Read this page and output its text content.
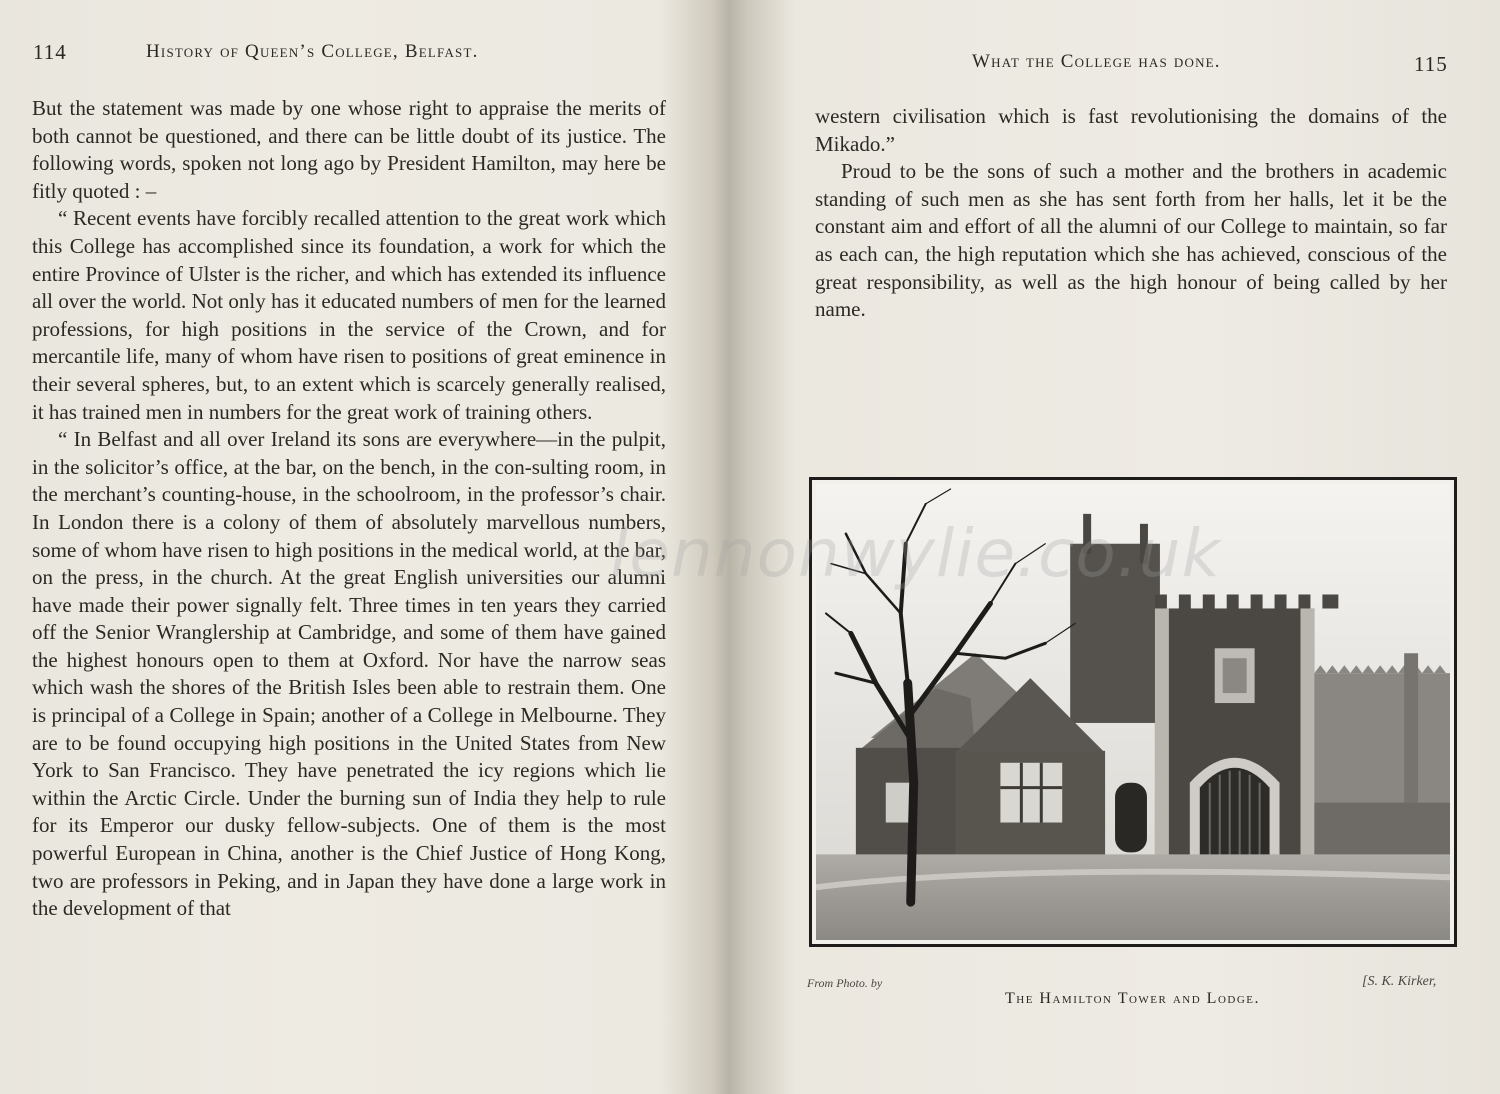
114	History of Queen’s College, Belfast.

But the statement was made by one whose right to appraise the merits of both cannot be questioned, and there can be little doubt of its justice. The following words, spoken not long ago by President Hamilton, may here be fitly quoted : –

“ Recent events have forcibly recalled attention to the great work which this College has accomplished since its foundation, a work for which the entire Province of Ulster is the richer, and which has extended its influence all over the world. Not only has it educated numbers of men for the learned professions, for high positions in the service of the Crown, and for mercantile life, many of whom have risen to positions of great eminence in their several spheres, but, to an extent which is scarcely generally realised, it has trained men in numbers for the great work of training others.

“ In Belfast and all over Ireland its sons are everywhere—in the pulpit, in the solicitor’s office, at the bar, on the bench, in the con-sulting room, in the merchant’s counting-house, in the schoolroom, in the professor’s chair. In London there is a colony of them of absolutely marvellous numbers, some of whom have risen to high positions in the medical world, at the bar, on the press, in the church. At the great English universities our alumni have made their power signally felt. Three times in ten years they carried off the Senior Wranglership at Cambridge, and some of them have gained the highest honours open to them at Oxford. Nor have the narrow seas which wash the shores of the British Isles been able to restrain them. One is principal of a College in Spain; another of a College in Melbourne. They are to be found occupying high positions in the United States from New York to San Francisco. They have penetrated the icy regions which lie within the Arctic Circle. Under the burning sun of India they help to rule for its Emperor our dusky fellow-subjects. One of them is the most powerful European in China, another is the Chief Justice of Hong Kong, two are professors in Peking, and in Japan they have done a large work in the development of that

What the College has done.	115

western civilisation which is fast revolutionising the domains of the Mikado.”

Proud to be the sons of such a mother and the brothers in academic standing of such men as she has sent forth from her halls, let it be the constant aim and effort of all the alumni of our College to maintain, so far as each can, the high reputation which she has achieved, conscious of the great responsibility, as well as the high honour of being called by her name.

From Photo. by	[S. K. Kirker,
The Hamilton Tower and Lodge.
lennonwylie.co.uk
